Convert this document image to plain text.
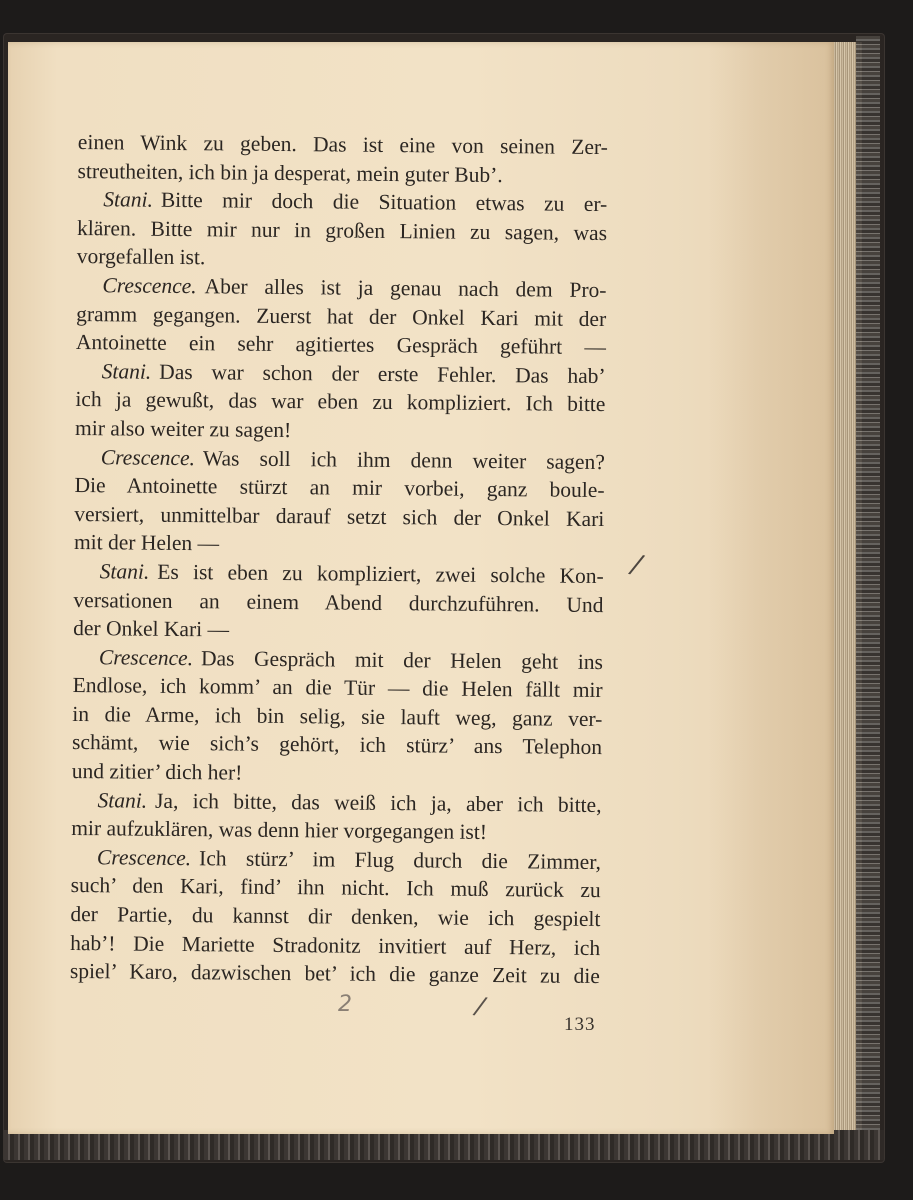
einen Wink zu geben. Das ist eine von seinen Zer-
streutheiten, ich bin ja desperat, mein guter Bub’.
Stani. Bitte mir doch die Situation etwas zu er-
klären. Bitte mir nur in großen Linien zu sagen, was
vorgefallen ist.
Crescence. Aber alles ist ja genau nach dem Pro-
gramm gegangen. Zuerst hat der Onkel Kari mit der
Antoinette ein sehr agitiertes Gespräch geführt —
Stani. Das war schon der erste Fehler. Das hab’
ich ja gewußt, das war eben zu kompliziert. Ich bitte
mir also weiter zu sagen!
Crescence. Was soll ich ihm denn weiter sagen?
Die Antoinette stürzt an mir vorbei, ganz boule-
versiert, unmittelbar darauf setzt sich der Onkel Kari
mit der Helen —
Stani. Es ist eben zu kompliziert, zwei solche Kon-
versationen an einem Abend durchzuführen. Und
der Onkel Kari —
Crescence. Das Gespräch mit der Helen geht ins
Endlose, ich komm’ an die Tür — die Helen fällt mir
in die Arme, ich bin selig, sie lauft weg, ganz ver-
schämt, wie sich’s gehört, ich stürz’ ans Telephon
und zitier’ dich her!
Stani. Ja, ich bitte, das weiß ich ja, aber ich bitte,
mir aufzuklären, was denn hier vorgegangen ist!
Crescence. Ich stürz’ im Flug durch die Zimmer,
such’ den Kari, find’ ihn nicht. Ich muß zurück zu
der Partie, du kannst dir denken, wie ich gespielt
hab’! Die Mariette Stradonitz invitiert auf Herz, ich
spiel’ Karo, dazwischen bet’ ich die ganze Zeit zu die
133
/
2	/
